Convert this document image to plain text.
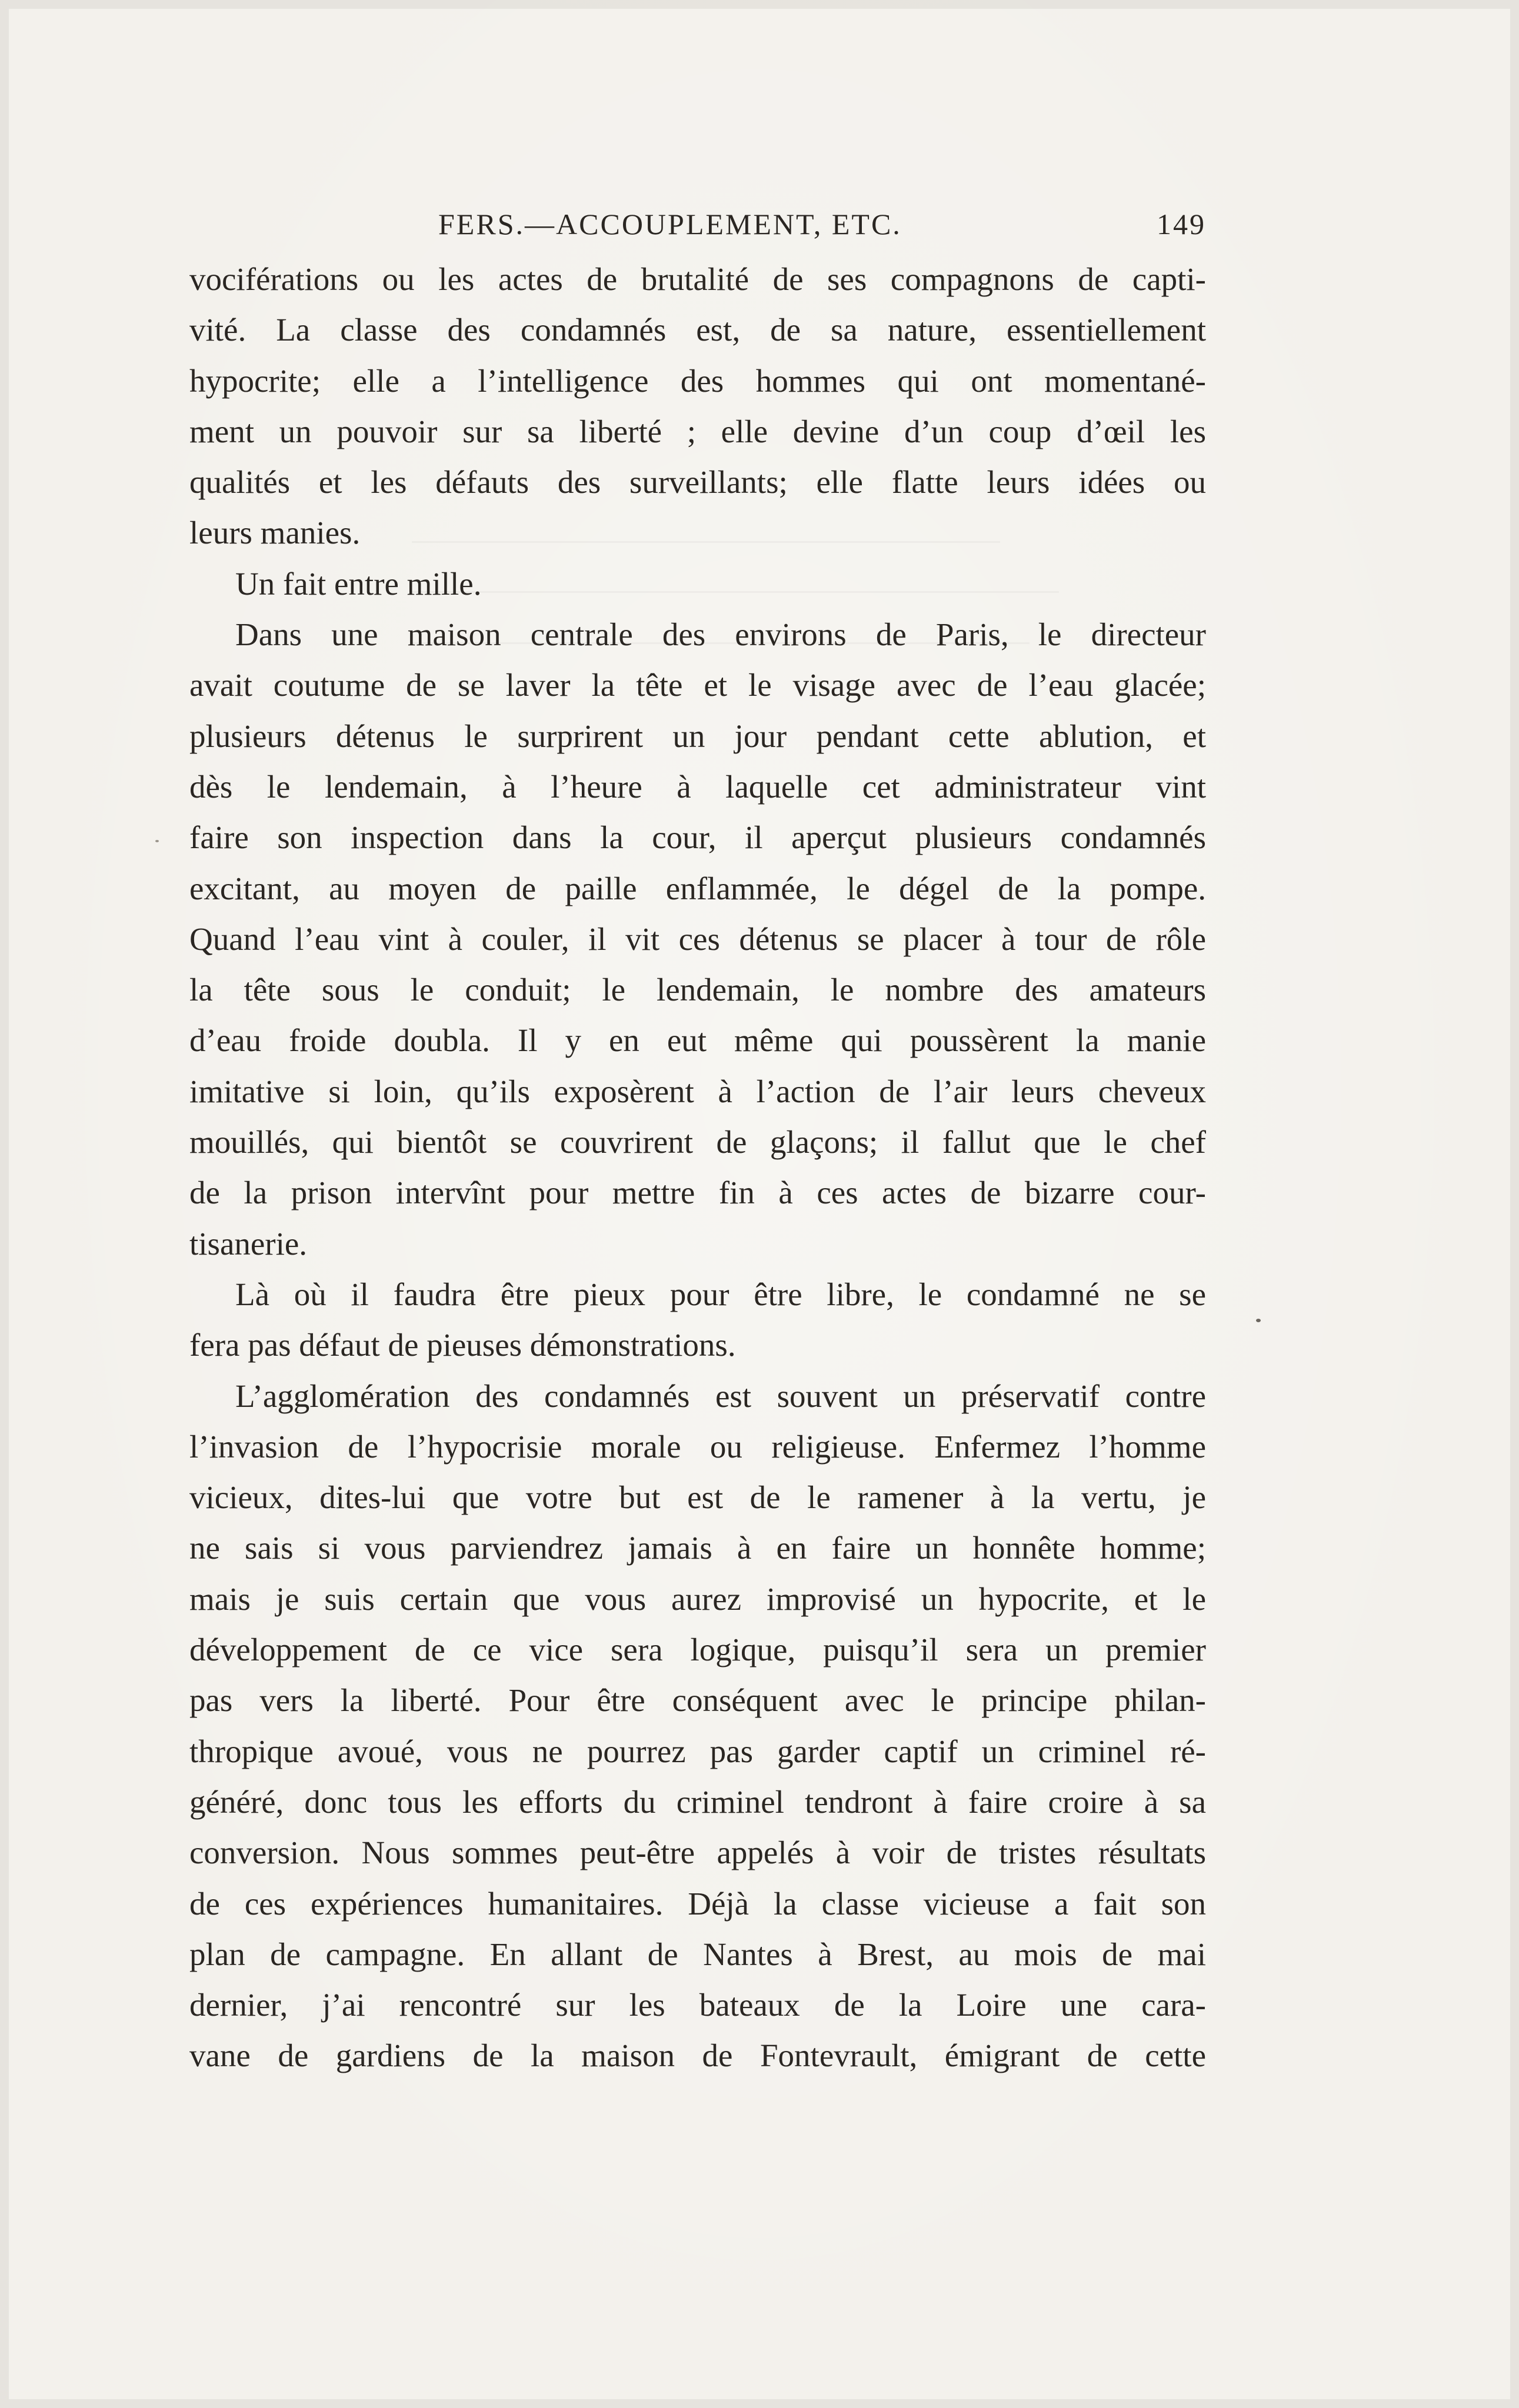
FERS.—ACCOUPLEMENT, ETC.	149
vociférations ou les actes de brutalité de ses compagnons de capti-
vité. La classe des condamnés est, de sa nature, essentiellement
hypocrite; elle a l’intelligence des hommes qui ont momentané-
ment un pouvoir sur sa liberté ; elle devine d’un coup d’œil les
qualités et les défauts des surveillants; elle flatte leurs idées ou
leurs manies.
Un fait entre mille.
Dans une maison centrale des environs de Paris, le directeur
avait coutume de se laver la tête et le visage avec de l’eau glacée;
plusieurs détenus le surprirent un jour pendant cette ablution, et
dès le lendemain, à l’heure à laquelle cet administrateur vint
faire son inspection dans la cour, il aperçut plusieurs condamnés
excitant, au moyen de paille enflammée, le dégel de la pompe.
Quand l’eau vint à couler, il vit ces détenus se placer à tour de rôle
la tête sous le conduit; le lendemain, le nombre des amateurs
d’eau froide doubla. Il y en eut même qui poussèrent la manie
imitative si loin, qu’ils exposèrent à l’action de l’air leurs cheveux
mouillés, qui bientôt se couvrirent de glaçons; il fallut que le chef
de la prison intervînt pour mettre fin à ces actes de bizarre cour-
tisanerie.
Là où il faudra être pieux pour être libre, le condamné ne se
fera pas défaut de pieuses démonstrations.
L’agglomération des condamnés est souvent un préservatif contre
l’invasion de l’hypocrisie morale ou religieuse. Enfermez l’homme
vicieux, dites-lui que votre but est de le ramener à la vertu, je
ne sais si vous parviendrez jamais à en faire un honnête homme;
mais je suis certain que vous aurez improvisé un hypocrite, et le
développement de ce vice sera logique, puisqu’il sera un premier
pas vers la liberté. Pour être conséquent avec le principe philan-
thropique avoué, vous ne pourrez pas garder captif un criminel ré-
généré, donc tous les efforts du criminel tendront à faire croire à sa
conversion. Nous sommes peut-être appelés à voir de tristes résultats
de ces expériences humanitaires. Déjà la classe vicieuse a fait son
plan de campagne. En allant de Nantes à Brest, au mois de mai
dernier, j’ai rencontré sur les bateaux de la Loire une cara-
vane de gardiens de la maison de Fontevrault, émigrant de cette
